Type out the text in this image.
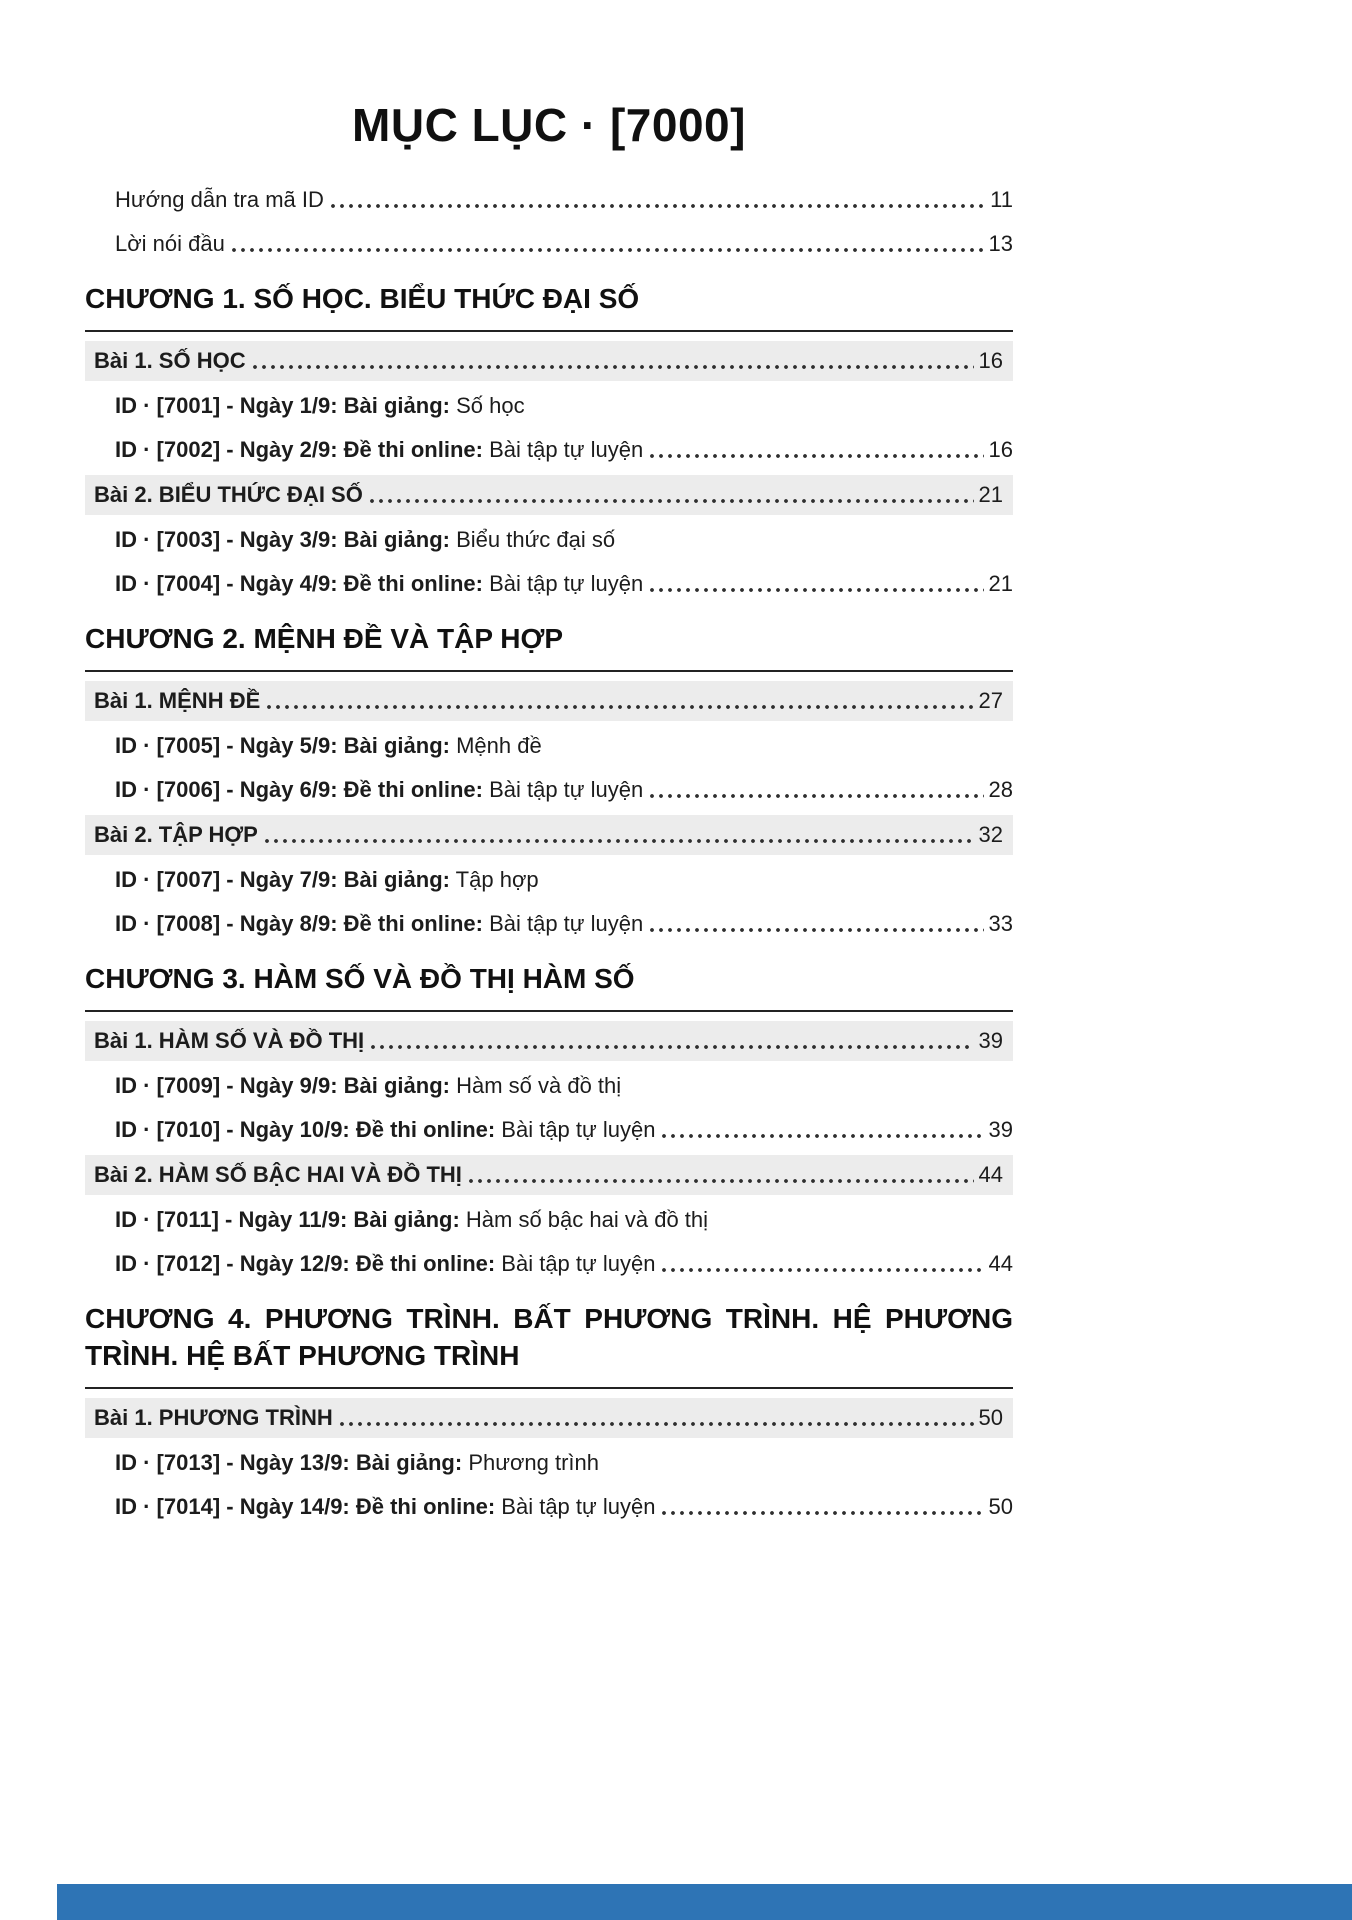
MỤC LỤC · [7000]
Hướng dẫn tra mã ID	11
Lời nói đầu	13
CHƯƠNG 1. SỐ HỌC. BIỂU THỨC ĐẠI SỐ
Bài 1. SỐ HỌC	16
ID · [7001] - Ngày 1/9: Bài giảng: Số học
ID · [7002] - Ngày 2/9: Đề thi online: Bài tập tự luyện	16
Bài 2. BIỂU THỨC ĐẠI SỐ	21
ID · [7003] - Ngày 3/9: Bài giảng: Biểu thức đại số
ID · [7004] - Ngày 4/9: Đề thi online: Bài tập tự luyện	21
CHƯƠNG 2. MỆNH ĐỀ VÀ TẬP HỢP
Bài 1. MỆNH ĐỀ	27
ID · [7005] - Ngày 5/9: Bài giảng: Mệnh đề
ID · [7006] - Ngày 6/9: Đề thi online: Bài tập tự luyện	28
Bài 2. TẬP HỢP	32
ID · [7007] - Ngày 7/9: Bài giảng: Tập hợp
ID · [7008] - Ngày 8/9: Đề thi online: Bài tập tự luyện	33
CHƯƠNG 3. HÀM SỐ VÀ ĐỒ THỊ HÀM SỐ
Bài 1. HÀM SỐ VÀ ĐỒ THỊ	39
ID · [7009] - Ngày 9/9: Bài giảng: Hàm số và đồ thị
ID · [7010] - Ngày 10/9: Đề thi online: Bài tập tự luyện	39
Bài 2. HÀM SỐ BẬC HAI VÀ ĐỒ THỊ	44
ID · [7011] - Ngày 11/9: Bài giảng: Hàm số bậc hai và đồ thị
ID · [7012] - Ngày 12/9: Đề thi online: Bài tập tự luyện	44
CHƯƠNG 4. PHƯƠNG TRÌNH. BẤT PHƯƠNG TRÌNH. HỆ PHƯƠNG TRÌNH. HỆ BẤT PHƯƠNG TRÌNH
Bài 1. PHƯƠNG TRÌNH	50
ID · [7013] - Ngày 13/9: Bài giảng: Phương trình
ID · [7014] - Ngày 14/9: Đề thi online: Bài tập tự luyện	50
